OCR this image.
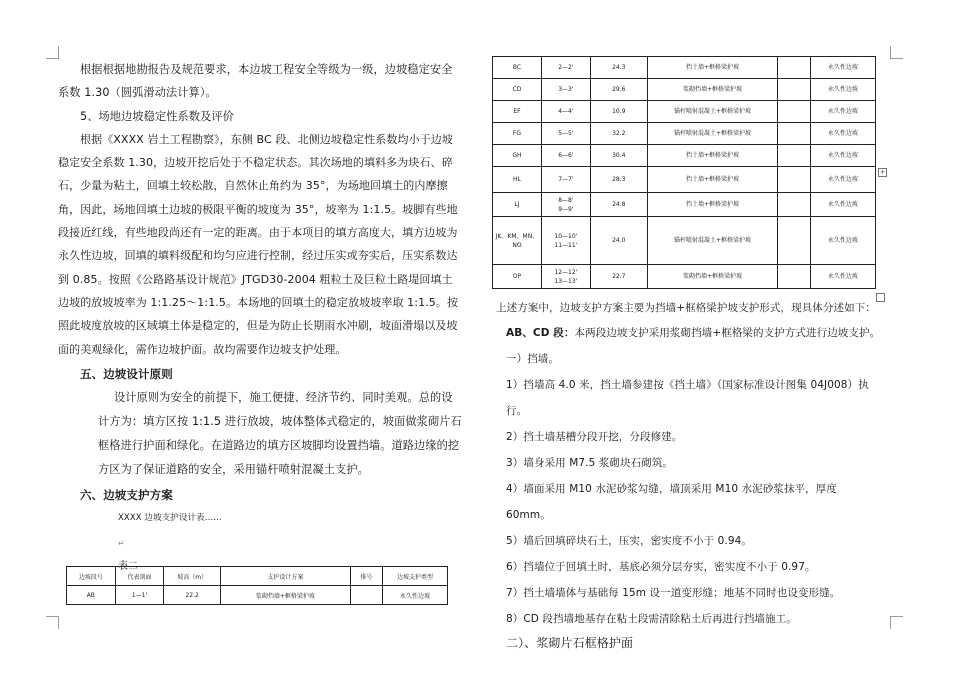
根据根据地勘报告及规范要求，本边坡工程安全等级为一级，边坡稳定安全系数 1.30（圆弧滑动法计算）。

5、场地边坡稳定性系数及评价

根据《XXXX 岩土工程勘察》，东侧 BC 段、北侧边坡稳定性系数均小于边坡稳定安全系数 1.30，边坡开挖后处于不稳定状态。其次场地的填料多为块石、碎石，少量为粘土，回填土较松散，自然休止角约为 35°，为场地回填土的内摩擦角，因此，场地回填土边坡的极限平衡的坡度为 35°，坡率为 1:1.5。坡脚有些地段接近红线，有些地段尚还有一定的距离。由于本项目的填方高度大，填方边坡为永久性边坡，回填的填料级配和均匀应进行控制，经过压实或夯实后，压实系数达到 0.85。按照《公路路基设计规范》JTGD30-2004 粗粒土及巨粒土路堤回填土边坡的放坡坡率为 1:1.25～1:1.5。本场地的回填土的稳定放坡坡率取 1:1.5。按照此坡度放坡的区域填土体是稳定的，但是为防止长期雨水冲刷，坡面滑塌以及坡面的美观绿化，需作边坡护面。故均需要作边坡支护处理。

五、边坡设计原则

设计原则为安全的前提下，施工便捷、经济节约、同时美观。总的设计方为：填方区按 1:1.5 进行放坡，坡体整体式稳定的，坡面做浆砌片石框格进行护面和绿化。在道路边的填方区坡脚均设置挡墙。道路边缘的挖方区为了保证道路的安全，采用锚杆喷射混凝土支护。

六、边坡支护方案

XXXX 边坡支护设计表……

↵

表二

边坡段号	代表剖面	坡高（m）	支护设计方案	排号	边坡支护类型
AB	1—1'	22.2	浆砌挡墙+框格梁护坡		永久性边坡
BC	2—2'	24.3	挡土墙+框格梁护坡		永久性边坡
CD	3—3'	29.6	浆砌挡墙+框格梁护坡		永久性边坡
EF	4—4'	10.9	锚杆喷射混凝土+框格梁护坡		永久性边坡
FG	5—5'	32.2	锚杆喷射混凝土+框格梁护坡		永久性边坡
GH	6—6'	30.4	挡土墙+框格梁护坡		永久性边坡
HL	7—7'	28.3	挡土墙+框格梁护坡		永久性边坡
LJ	8—8'
9—9'	24.8	挡土墙+框格梁护坡		永久性边坡
JK、KM、MN、NO	10—10'
11—11'	24.0	锚杆喷射混凝土+框格梁护坡		永久性边坡
OP	12—12'
13—13'	22.7	浆砌挡墙+框格梁护坡		永久性边坡
+

上述方案中，边坡支护方案主要为挡墙+框格梁护坡支护形式，现具体分述如下：

AB、CD 段：本两段边坡支护采用浆砌挡墙+框格梁的支护方式进行边坡支护。

一）挡墙。

1）挡墙高 4.0 米，挡土墙参建按《挡土墙》（国家标准设计图集 04J008）执行。

2）挡土墙基槽分段开挖，分段修建。

3）墙身采用 M7.5 浆砌块石砌筑。

4）墙面采用 M10 水泥砂浆勾缝，墙顶采用 M10 水泥砂浆抹平，厚度 60mm。

5）墙后回填碎块石土，压实，密实度不小于 0.94。

6）挡墙位于回填土时，基底必须分层夯实，密实度不小于 0.97。

7）挡土墙墙体与基础每 15m 设一道变形缝；地基不同时也设变形缝。

8）CD 段挡墙地基存在粘土段需清除粘土后再进行挡墙施工。

二）、浆砌片石框格护面
